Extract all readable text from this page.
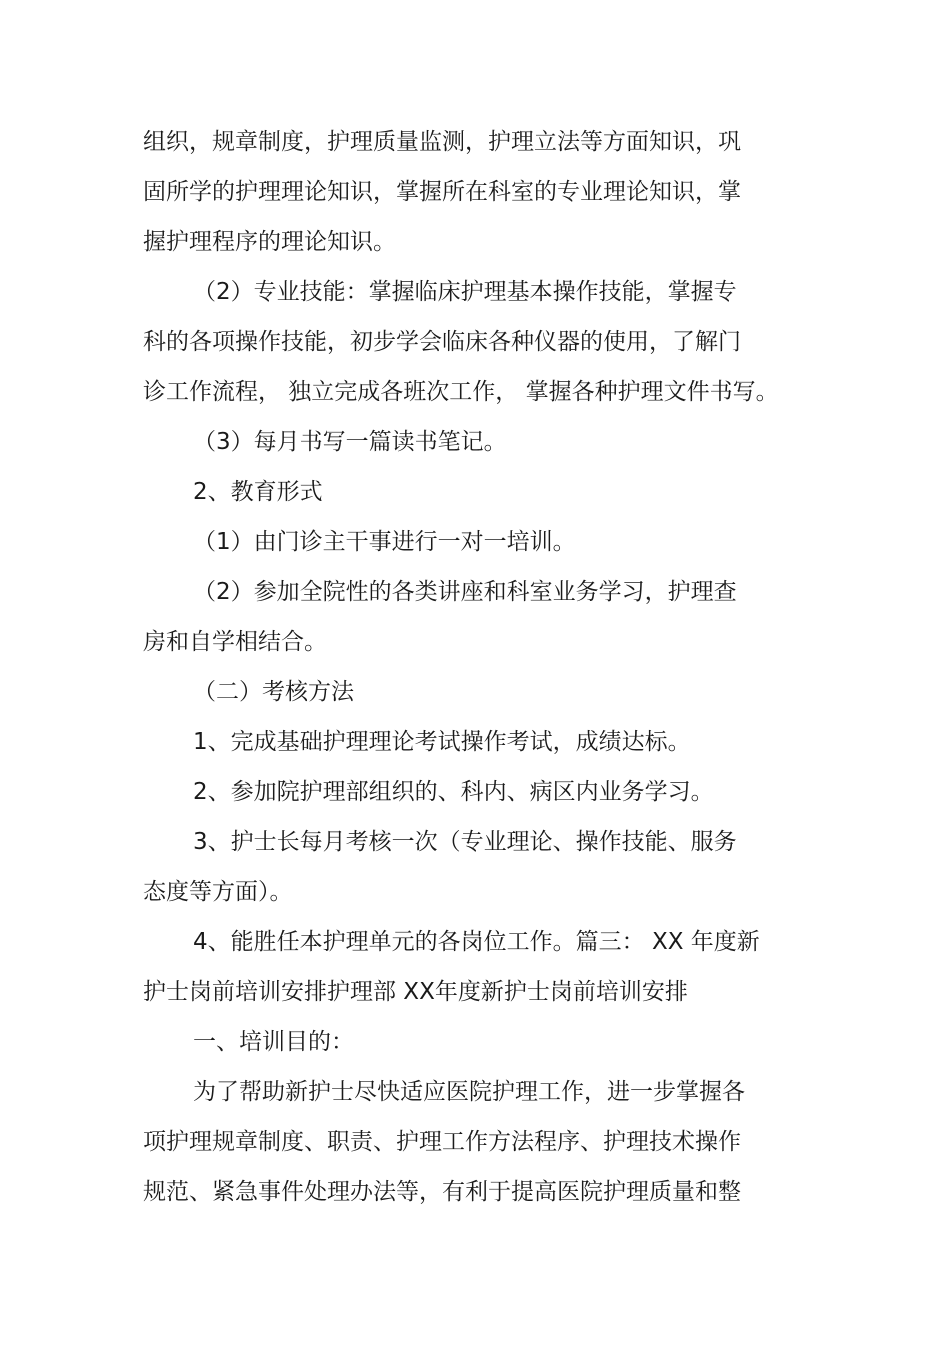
组织，规章制度，护理质量监测，护理立法等方面知识，巩
固所学的护理理论知识，掌握所在科室的专业理论知识，掌
握护理程序的理论知识。
（2）专业技能：掌握临床护理基本操作技能，掌握专
科的各项操作技能，初步学会临床各种仪器的使用，了解门
诊工作流程， 独立完成各班次工作， 掌握各种护理文件书写。
（3）每月书写一篇读书笔记。
2、教育形式
（1）由门诊主干事进行一对一培训。
（2）参加全院性的各类讲座和科室业务学习，护理查
房和自学相结合。
（二）考核方法
1、完成基础护理理论考试操作考试，成绩达标。
2、参加院护理部组织的、科内、病区内业务学习。
3、护士长每月考核一次（专业理论、操作技能、服务
态度等方面）。
4、能胜任本护理单元的各岗位工作。篇三： XX 年度新
护士岗前培训安排护理部 XX年度新护士岗前培训安排
一、培训目的：
为了帮助新护士尽快适应医院护理工作，进一步掌握各
项护理规章制度、职责、护理工作方法程序、护理技术操作
规范、紧急事件处理办法等，有利于提高医院护理质量和整
